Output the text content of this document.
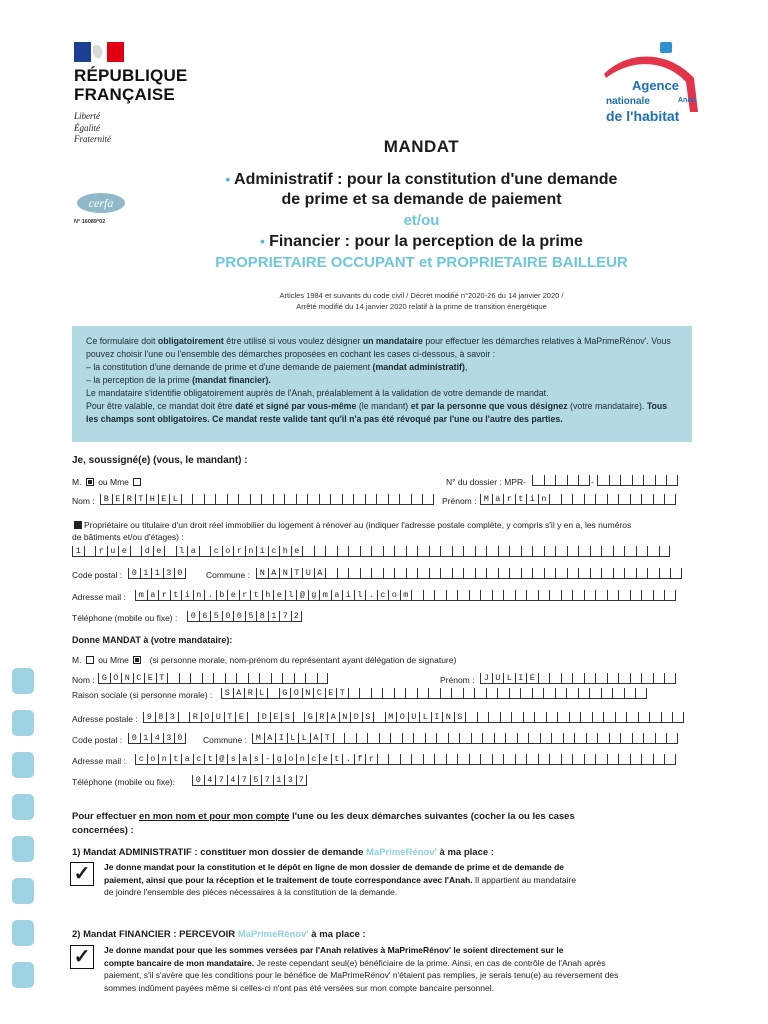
RÉPUBLIQUE
FRANÇAISE
Liberté
Égalité
Fraternité
Agence
nationale	Anah
de l'habitat
MANDAT
cerfa
N° 16089*02
• Administratif : pour la constitution d'une demande
de prime et sa demande de paiement
et/ou
• Financier : pour la perception de la prime
PROPRIETAIRE OCCUPANT et PROPRIETAIRE BAILLEUR
Articles 1984 et suivants du code civil / Décret modifié n°2020-26 du 14 janvier 2020 /
Arrêté modifié du 14 janvier 2020 relatif à la prime de transition énergétique
Ce formulaire doit obligatoirement être utilisé si vous voulez désigner un mandataire pour effectuer les démarches relatives à MaPrimeRénov'. Vous pouvez choisir l'une ou l'ensemble des démarches proposées en cochant les cases ci-dessous, à savoir :
– la constitution d'une demande de prime et d'une demande de paiement (mandat administratif),
– la perception de la prime (mandat financier).
Le mandataire s'identifie obligatoirement auprès de l'Anah, préalablement à la validation de votre demande de mandat.
Pour être valable, ce mandat doit être daté et signé par vous-même (le mandant) et par la personne que vous désignez (votre mandataire). Tous les champs sont obligatoires. Ce mandat reste valide tant qu'il n'a pas été révoqué par l'une ou l'autre des parties.
Je, soussigné(e) (vous, le mandant) :
M. ou Mme	N° du dossier : MPR-	-
Nom :	B E R T H E L	Prénom : M a r t i n
Propriétaire ou titulaire d'un droit réel immobilier du logement à rénover au (indiquer l'adresse postale complète, y compris s'il y en a, les numéros
de bâtiments et/ou d'étages) :
1	r u e	d e	l a	c o r n i c h e
Code postal :	0 1 1 3 0	Commune :	N A N T U A
Adresse mail :	m a r t i n . b e r t h e l @ g m a i l . c o m
Téléphone (mobile ou fixe) :	0 6 5 0 0 5 8 1 7 2
Donne MANDAT à (votre mandataire):
M. ou Mme (si personne morale, nom-prénom du représentant ayant délégation de signature)
Nom : G O N C E T	Prénom :	J U L I E
Raison sociale (si personne morale) :	S A R L	G O N C E T
Adresse postale :	9 8 3	R O U T E	D E S	G R A N D S	M O U L I N S
Code postal :	0 1 4 3 0	Commune :	M A I L L A T
Adresse mail :	c o n t a c t @ s a s - g o n c e t . f r
Téléphone (mobile ou fixe):	0 4 7 4 7 5 7 1 3 7
Pour effectuer en mon nom et pour mon compte l'une ou les deux démarches suivantes (cocher la ou les cases
concernées) :
1) Mandat ADMINISTRATIF : constituer mon dossier de demande MaPrimeRénov' à ma place :
✓	Je donne mandat pour la constitution et le dépôt en ligne de mon dossier de demande de prime et de demande de
paiement, ainsi que pour la réception et le traitement de toute correspondance avec l'Anah. Il appartient au mandataire
de joindre l'ensemble des pièces nécessaires à la constitution de la demande.
2) Mandat FINANCIER : PERCEVOIR MaPrimeRénov' à ma place :
✓	Je donne mandat pour que les sommes versées par l'Anah relatives à MaPrimeRénov' le soient directement sur le
compte bancaire de mon mandataire. Je reste cependant seul(e) bénéficiaire de la prime. Ainsi, en cas de contrôle de l'Anah après
paiement, s'il s'avère que les conditions pour le bénéfice de MaPrimeRénov' n'étaient pas remplies, je serais tenu(e) au reversement des
sommes indûment payées même si celles-ci n'ont pas été versées sur mon compte bancaire personnel.
